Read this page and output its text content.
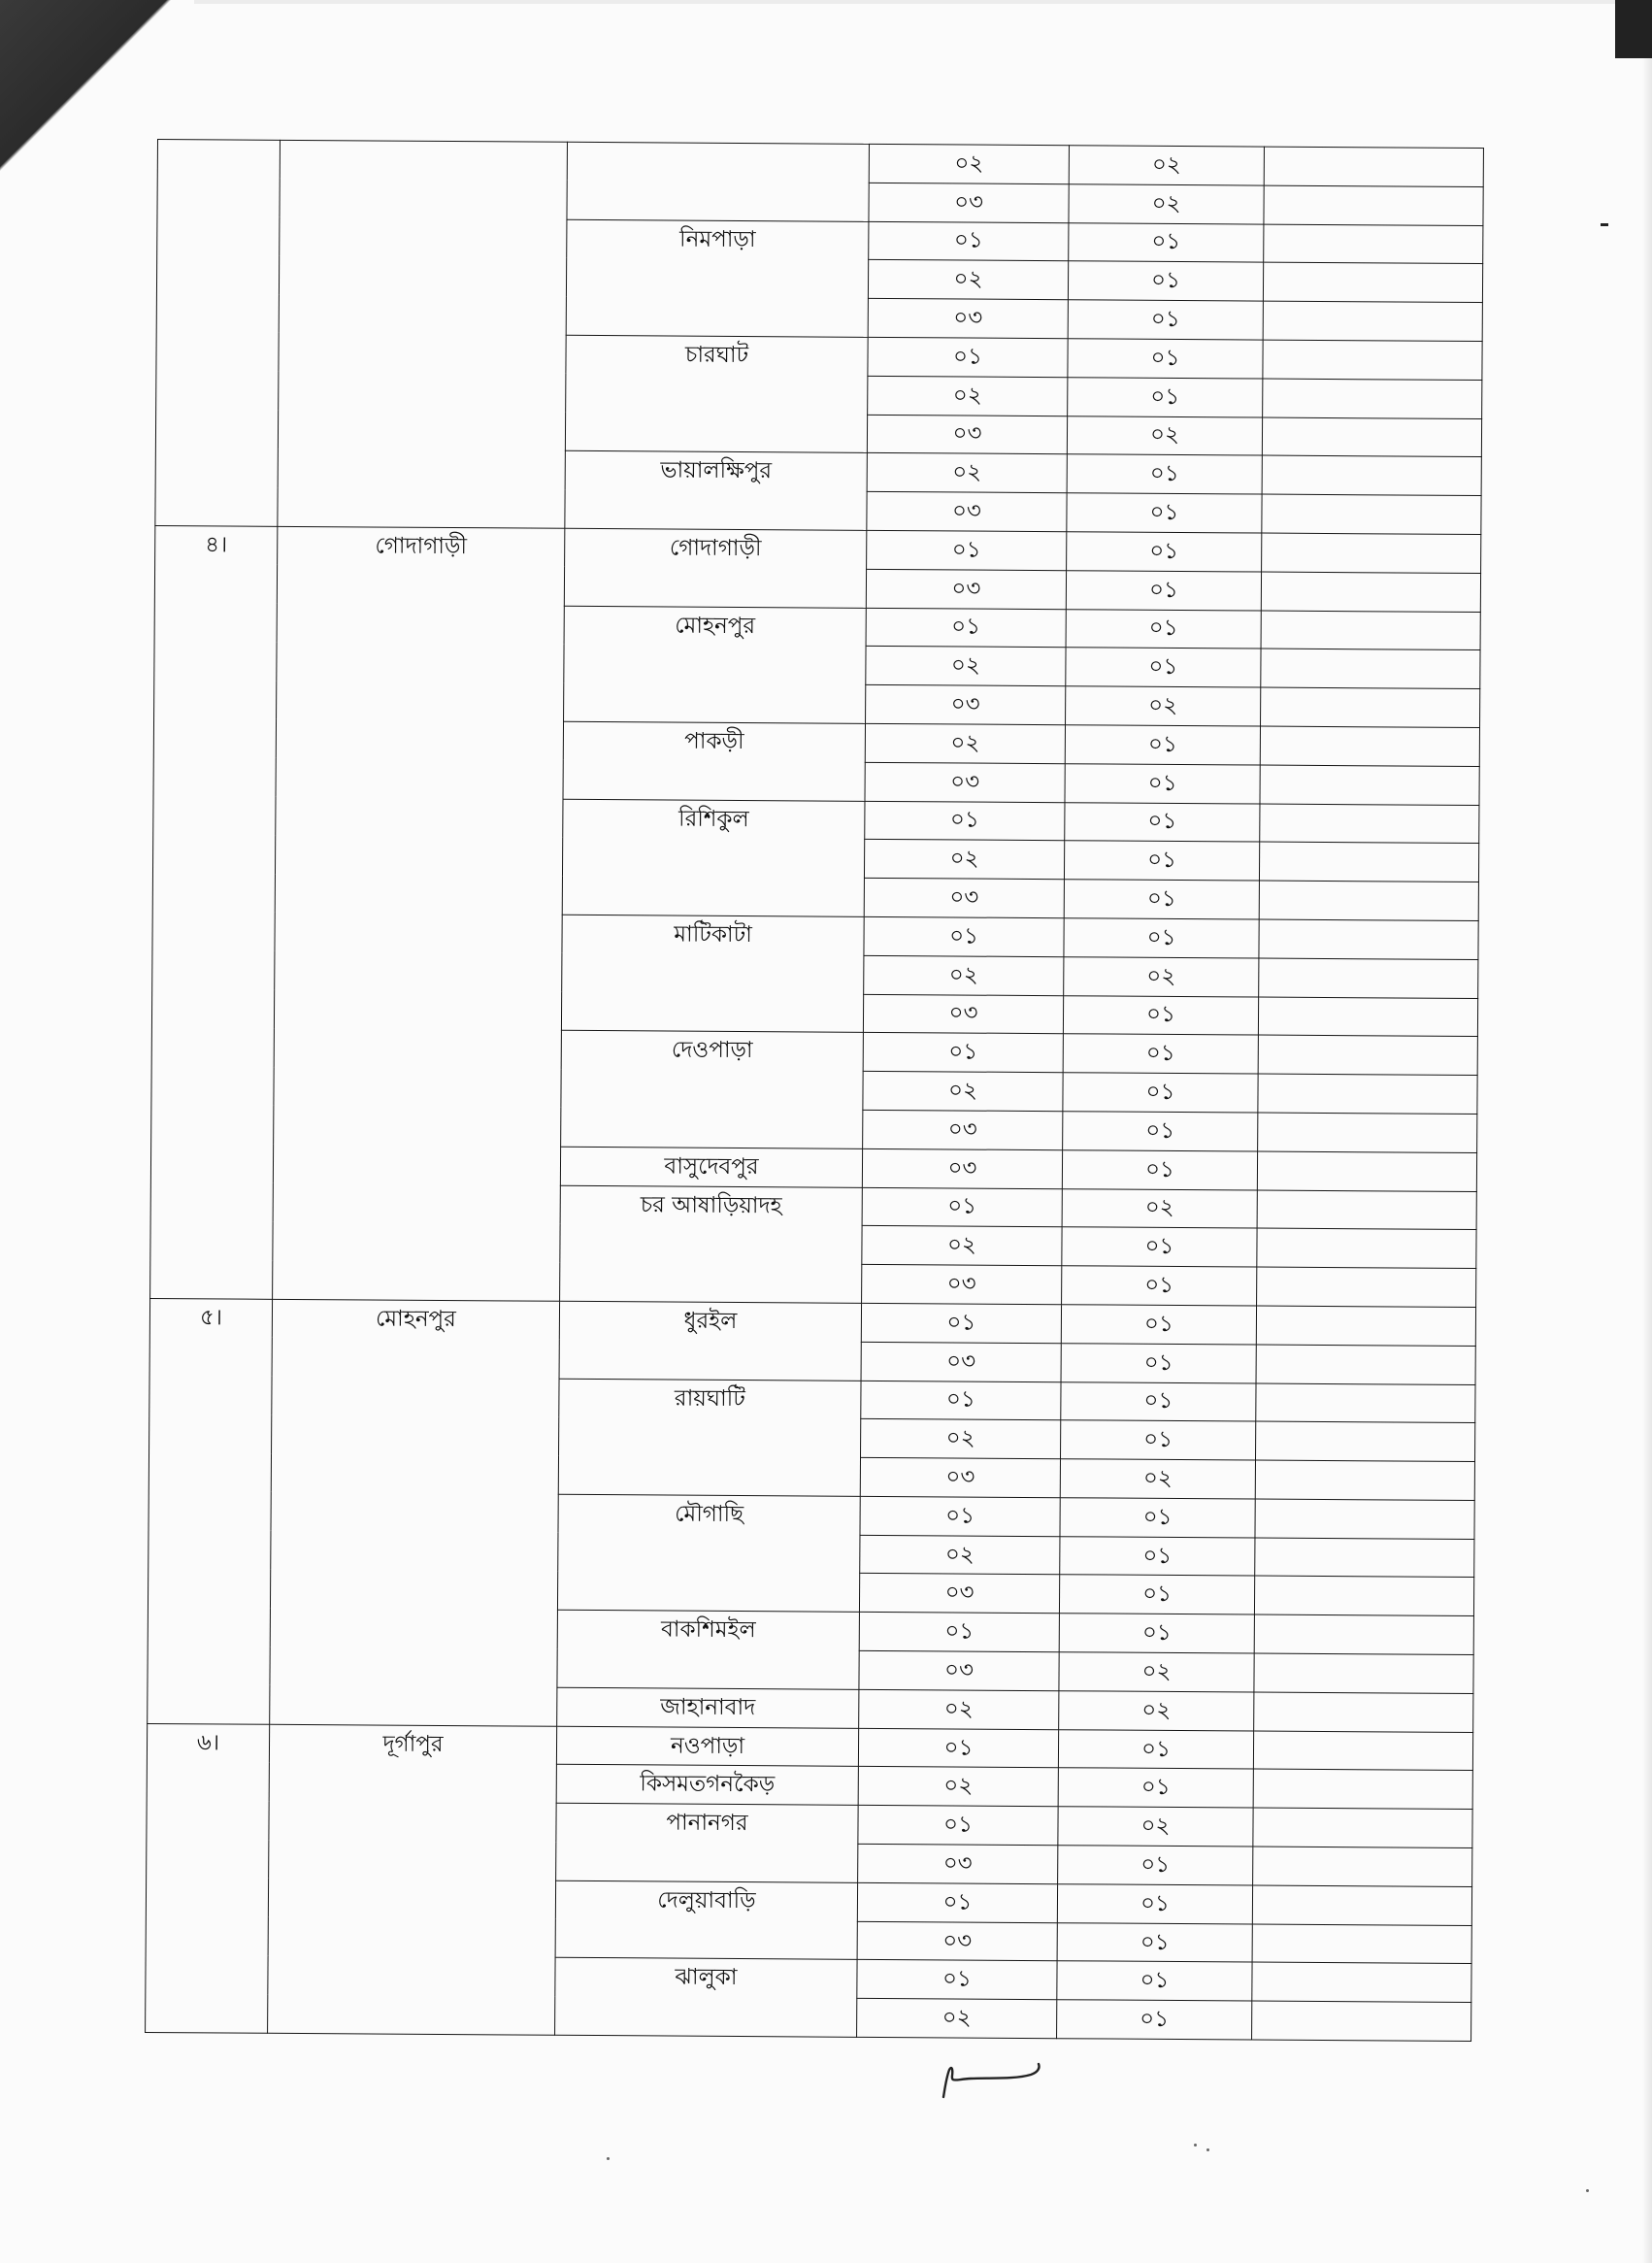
			০২	০২	
			০৩	০২	
		নিমপাড়া	০১	০১	
			০২	০১	
			০৩	০১	
		চারঘাট	০১	০১	
			০২	০১	
			০৩	০২	
		ভায়ালক্ষিপুর	০২	০১	
			০৩	০১	
৪।	গোদাগাড়ী	গোদাগাড়ী	০১	০১	
			০৩	০১	
		মোহনপুর	০১	০১	
			০২	০১	
			০৩	০২	
		পাকড়ী	০২	০১	
			০৩	০১	
		রিশিকুল	০১	০১	
			০২	০১	
			০৩	০১	
		মাটিকাটা	০১	০১	
			০২	০২	
			০৩	০১	
		দেওপাড়া	০১	০১	
			০২	০১	
			০৩	০১	
		বাসুদেবপুর	০৩	০১	
		চর আষাড়িয়াদহ	০১	০২	
			০২	০১	
			০৩	০১	
৫।	মোহনপুর	ধুরইল	০১	০১	
			০৩	০১	
		রায়ঘাটি	০১	০১	
			০২	০১	
			০৩	০২	
		মৌগাছি	০১	০১	
			০২	০১	
			০৩	০১	
		বাকশিমইল	০১	০১	
			০৩	০২	
		জাহানাবাদ	০২	০২	
৬।	দূর্গাপুর	নওপাড়া	০১	০১	
		কিসমতগনকৈড়	০২	০১	
		পানানগর	০১	০২	
			০৩	০১	
		দেলুয়াবাড়ি	০১	০১	
			০৩	০১	
		ঝালুকা	০১	০১	
			০২	০১	
